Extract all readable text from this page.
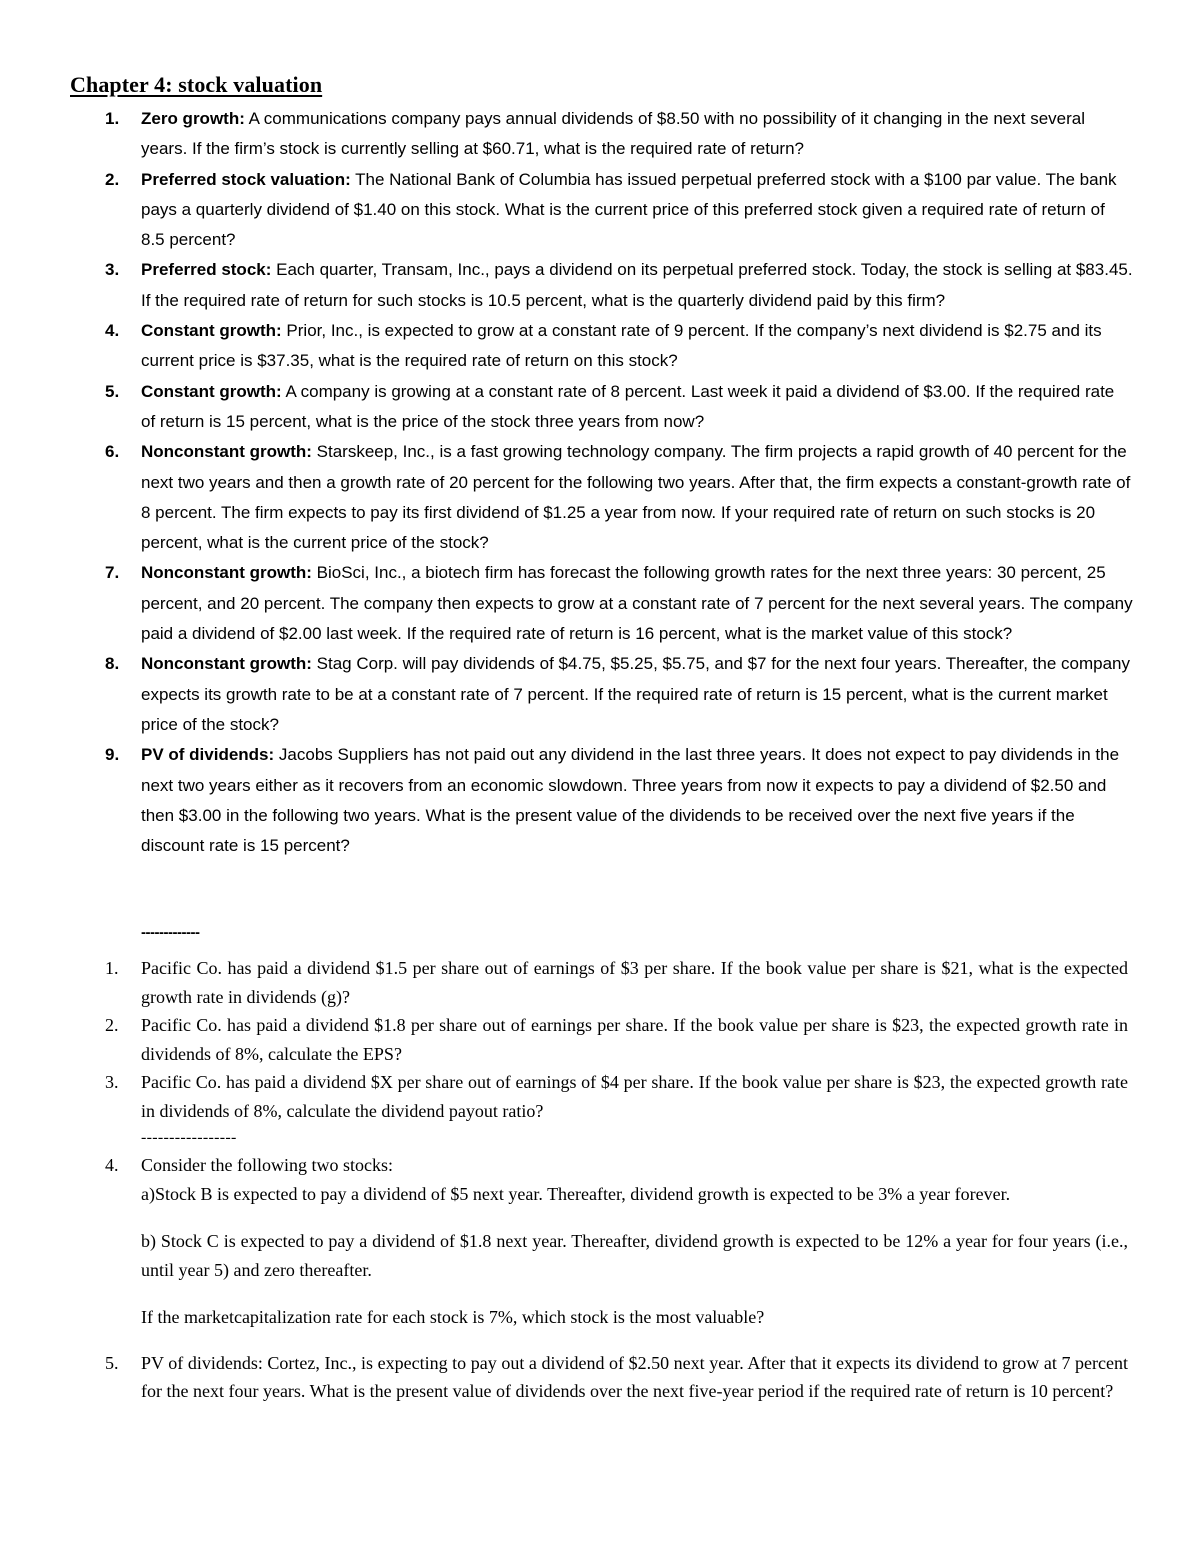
Chapter 4: stock valuation
1. Zero growth: A communications company pays annual dividends of $8.50 with no possibility of it changing in the next several years. If the firm’s stock is currently selling at $60.71, what is the required rate of return?
2. Preferred stock valuation: The National Bank of Columbia has issued perpetual preferred stock with a $100 par value. The bank pays a quarterly dividend of $1.40 on this stock. What is the current price of this preferred stock given a required rate of return of 8.5 percent?
3. Preferred stock: Each quarter, Transam, Inc., pays a dividend on its perpetual preferred stock. Today, the stock is selling at $83.45. If the required rate of return for such stocks is 10.5 percent, what is the quarterly dividend paid by this firm?
4. Constant growth: Prior, Inc., is expected to grow at a constant rate of 9 percent. If the company’s next dividend is $2.75 and its current price is $37.35, what is the required rate of return on this stock?
5. Constant growth: A company is growing at a constant rate of 8 percent. Last week it paid a dividend of $3.00. If the required rate of return is 15 percent, what is the price of the stock three years from now?
6. Nonconstant growth: Starskeep, Inc., is a fast growing technology company. The firm projects a rapid growth of 40 percent for the next two years and then a growth rate of 20 percent for the following two years. After that, the firm expects a constant-growth rate of 8 percent. The firm expects to pay its first dividend of $1.25 a year from now. If your required rate of return on such stocks is 20 percent, what is the current price of the stock?
7. Nonconstant growth: BioSci, Inc., a biotech firm has forecast the following growth rates for the next three years: 30 percent, 25 percent, and 20 percent. The company then expects to grow at a constant rate of 7 percent for the next several years. The company paid a dividend of $2.00 last week. If the required rate of return is 16 percent, what is the market value of this stock?
8. Nonconstant growth: Stag Corp. will pay dividends of $4.75, $5.25, $5.75, and $7 for the next four years. Thereafter, the company expects its growth rate to be at a constant rate of 7 percent. If the required rate of return is 15 percent, what is the current market price of the stock?
9. PV of dividends: Jacobs Suppliers has not paid out any dividend in the last three years. It does not expect to pay dividends in the next two years either as it recovers from an economic slowdown. Three years from now it expects to pay a dividend of $2.50 and then $3.00 in the following two years. What is the present value of the dividends to be received over the next five years if the discount rate is 15 percent?
-------------
1. Pacific Co. has paid a dividend $1.5 per share out of earnings of $3 per share. If the book value per share is $21, what is the expected growth rate in dividends (g)?
2. Pacific Co. has paid a dividend $1.8 per share out of earnings per share. If the book value per share is $23, the expected growth rate in dividends of 8%, calculate the EPS?
3. Pacific Co. has paid a dividend $X per share out of earnings of $4 per share. If the book value per share is $23, the expected growth rate in dividends of 8%, calculate the dividend payout ratio?
-----------------
4. Consider the following two stocks:
a)Stock B is expected to pay a dividend of $5 next year. Thereafter, dividend growth is expected to be 3% a year forever.
b) Stock C is expected to pay a dividend of $1.8 next year. Thereafter, dividend growth is expected to be 12% a year for four years (i.e., until year 5) and zero thereafter.
If the marketcapitalization rate for each stock is 7%, which stock is the most valuable?
5. PV of dividends: Cortez, Inc., is expecting to pay out a dividend of $2.50 next year. After that it expects its dividend to grow at 7 percent for the next four years. What is the present value of dividends over the next five-year period if the required rate of return is 10 percent?
